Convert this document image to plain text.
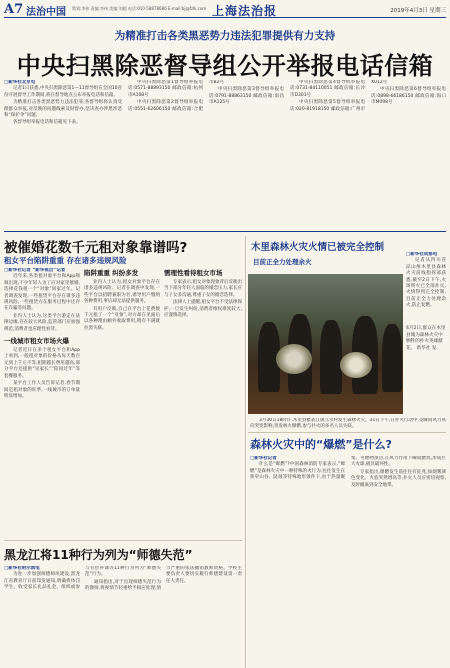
A7 法治中国 策划:李伟 责编:李伟 美编:刘超 电话:010-58878686 E-mail:bj@fzlk.com 上海法治报	2019年4月3日 星期三
为精准打击各类黑恶势力违法犯罪提供有力支持
中央扫黑除恶督导组公开举报电话信箱
□新华社北京电

记者1日获悉,中央扫黑除恶第1—11督导组在全国10省份开展督导工作期间,将在督导地点公布举报电话和信箱。

为精准打击各类黑恶势力违法犯罪,各督导组将认真受理群众举报,对反映的问题线索及时督办,坚决查办涉黑涉恶和“保护伞”问题。

各督导组举报电话和信箱见下表。

中央扫黑除恶第1督导组举报电话:0571-88893150 邮政信箱:杭州市A108号

中央扫黑除恶第2督导组举报电话:0551-62606150 邮政信箱:合肥市B2号

中央扫黑除恶第3督导组举报电话:0791-88863150 邮政信箱:南昌市A125号

中央扫黑除恶第4督导组举报电话:0731-84110051 邮政信箱:长沙市D301号

中央扫黑除恶第5督导组举报电话:020-81918150 邮政信箱:广州市X012号

中央扫黑除恶第6督导组举报电话:0898-66186150 邮政信箱:海口市M098号

被催婚花数千元租对象靠谱吗?
租女平台陷阱重重 存在诸多违规风险
□新华社记者 “新华视点”记者

近年来,各类租对象平台和App频频出现,不少年轻人为了应对家里催婚,选择花钱租一个“对象”回家过年。记者调查发现,一些租赁平台存在诸多违规风险,一些租赁方在服务过程中还存在诈骗等问题。

业内人士认为,这类平台游走在法律边缘,存在较大风险,监管部门应加强规范,消费者也应理性看待。

一线城市租女市场火爆

记者近日在多个租女平台和App上看到,一般租对象的价格从每天数百元到上千元不等,租期越长费用越高,部分平台还提供“见家长”“陪同过年”等套餐服务。

某平台工作人员告诉记者,春节期间是租对象的旺季,一线城市的订单量明显增加。

陷阱重重 纠纷多发

业内人士认为,租女对象平台存在诸多违规风险。记者在调查中发现,一些平台以招聘兼职为名,诱导用户缴纳各种费用,事后却无法提供服务。

有用户反映,自己在平台上花费数千元租了一个“对象”,对方却在见面后以各种理由额外收取费用,稍有不满就拉黑失联。

需理性看待租女市场

专家表示,租女对象现象背后反映出当下部分年轻人面临的婚恋压力,家长应与子女多沟通,尊重子女的婚恋选择。

法律人士提醒,租女平台不受法律保护,一旦发生纠纷,消费者维权难度较大,应谨慎选择。

木里森林火灾火情已被完全控制
目前正全力处理余火
□新华社成都电

记者从四川省凉山州木里县森林火灾前线指挥部获悉,截至2日下午,火场明火已全部扑灭,火情得到完全控制,目前正全力处理余火,防止复燃。

4月2日,群众在木里县城为森林火灾中牺牲的扑火英雄献花。 新华社 发

3月30日18时许,木里县雅砻江镇立尔村发生森林火灾。31日下午,在扑火行动中,受瞬间风力风向突变影响,突发林火爆燃,参与扑火的多名人员失联。

森林火灾中的“爆燃”是什么?
□新华社记者

什么是“爆燃”?中国森林消防专家表示,“爆燃”是森林火灾中一种特殊的火行为,往往发生在狭窄山谷、陡坡等特殊地形条件下,由于热量聚集、可燃物预热,在风力作用下瞬间燃烧,形成巨大火球,极具破坏性。

专家指出,爆燃发生前往往有征兆,如烟雾颜色变化、火焰突然增高等,扑火人员应密切观察,及时撤离到安全地带。

黑龙江将11种行为列为“师德失范”
□新华社哈尔滨电

为进一步加强师德师风建设,黑龙江省教育厅日前印发通知,明确将体罚学生、收受家长礼品礼金、组织或参与有偿补课等11种行为列为“师德失范”行为。

通知指出,对于出现师德失范行为的教师,将视情节轻重给予相应处理,情节严重的依法撤销教师资格。学校主要负责人要切实履行师德建设第一责任人责任。
